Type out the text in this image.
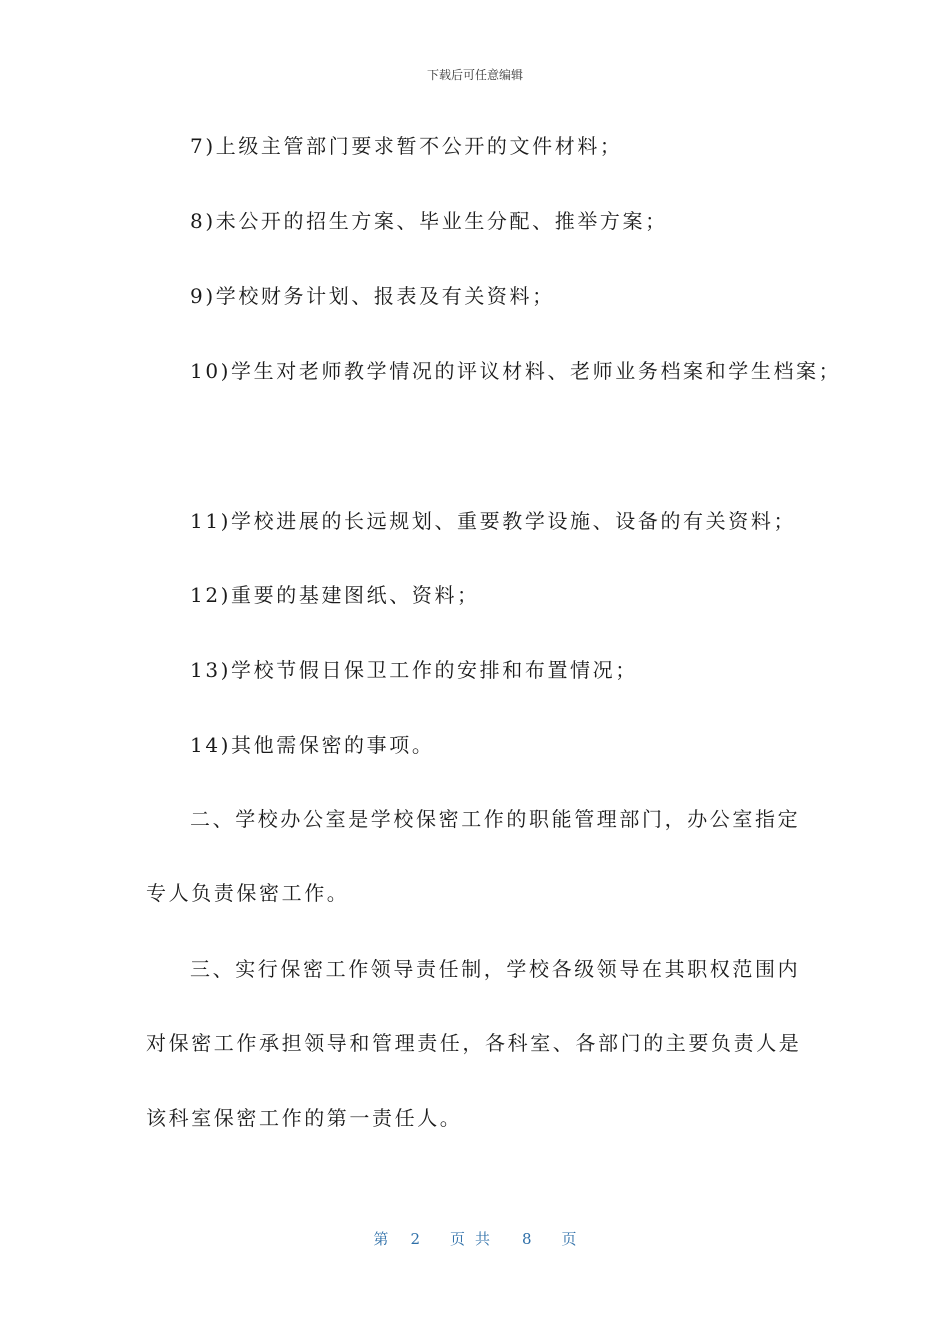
下载后可任意编辑
7)上级主管部门要求暂不公开的文件材料；
8)未公开的招生方案、毕业生分配、推举方案；
9)学校财务计划、报表及有关资料；
10)学生对老师教学情况的评议材料、老师业务档案和学生档案；
11)学校进展的长远规划、重要教学设施、设备的有关资料；
12)重要的基建图纸、资料；
13)学校节假日保卫工作的安排和布置情况；
14)其他需保密的事项。
二、学校办公室是学校保密工作的职能管理部门，办公室指定
专人负责保密工作。
三、实行保密工作领导责任制，学校各级领导在其职权范围内
对保密工作承担领导和管理责任，各科室、各部门的主要负责人是
该科室保密工作的第一责任人。
第 2 页共 8 页
